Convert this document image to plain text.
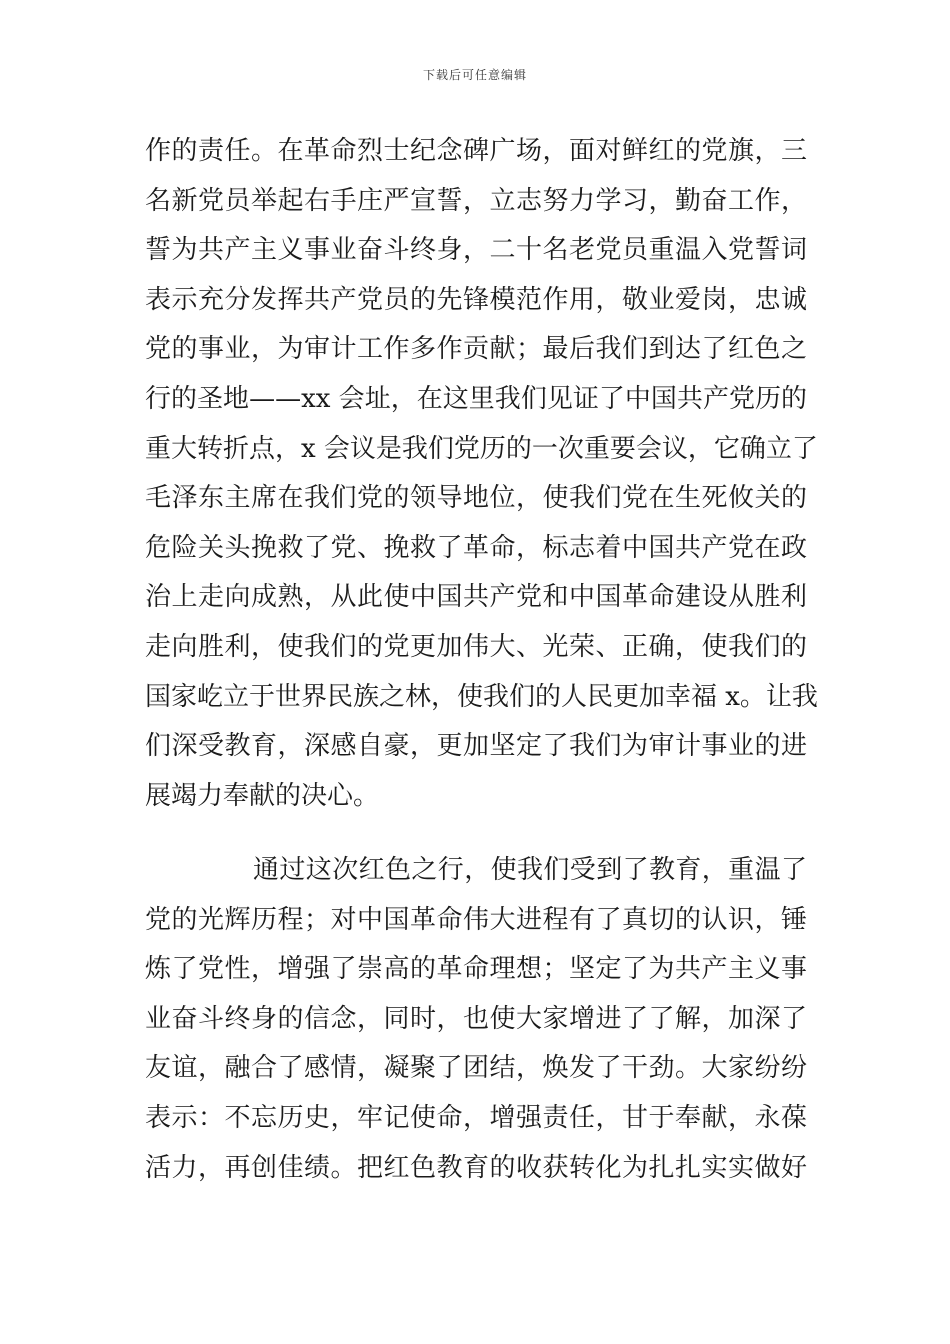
下载后可任意编辑
作的责任。在革命烈士纪念碑广场，面对鲜红的党旗，三
名新党员举起右手庄严宣誓，立志努力学习，勤奋工作，
誓为共产主义事业奋斗终身，二十名老党员重温入党誓词
表示充分发挥共产党员的先锋模范作用，敬业爱岗，忠诚
党的事业，为审计工作多作贡献；最后我们到达了红色之
行的圣地——xx 会址，在这里我们见证了中国共产党历的
重大转折点，x 会议是我们党历的一次重要会议，它确立了
毛泽东主席在我们党的领导地位，使我们党在生死攸关的
危险关头挽救了党、挽救了革命，标志着中国共产党在政
治上走向成熟，从此使中国共产党和中国革命建设从胜利
走向胜利，使我们的党更加伟大、光荣、正确，使我们的
国家屹立于世界民族之林，使我们的人民更加幸福 x。让我
们深受教育，深感自豪，更加坚定了我们为审计事业的进
展竭力奉献的决心。
通过这次红色之行，使我们受到了教育，重温了
党的光辉历程；对中国革命伟大进程有了真切的认识，锤
炼了党性，增强了崇高的革命理想；坚定了为共产主义事
业奋斗终身的信念，同时，也使大家增进了了解，加深了
友谊，融合了感情，凝聚了团结，焕发了干劲。大家纷纷
表示：不忘历史，牢记使命，增强责任，甘于奉献，永葆
活力，再创佳绩。把红色教育的收获转化为扎扎实实做好
